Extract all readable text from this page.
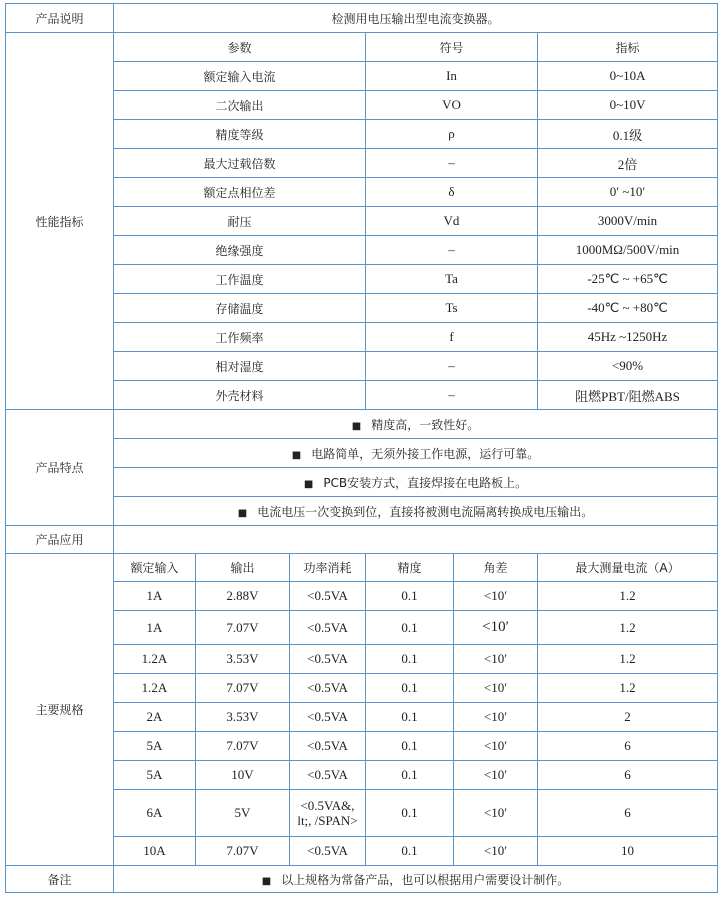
产品说明	检测用电压输出型电流变换器。					
性能指标	参数			符号		指标
	额定输入电流			In		0~10A
	二次输出			VO		0~10V
	精度等级			ρ		0.1级
	最大过载倍数			–		2倍
	额定点相位差			δ		0′ ~10′
	耐压			Vd		3000V/min
	绝缘强度			–		1000MΩ/500V/min
	工作温度			Ta		-25℃ ~ +65℃
	存储温度			Ts		-40℃ ~ +80℃
	工作频率			f		45Hz ~1250Hz
	相对湿度			–		<90%
	外壳材料			–		阻燃PBT/阻燃ABS
产品特点	■ 精度高，一致性好。					
	■ 电路简单，无须外接工作电源，运行可靠。					
	■ PCB安装方式，直接焊接在电路板上。					
	■ 电流电压一次变换到位，直接将被测电流隔离转换成电压输出。					
产品应用						
主要规格	额定输入	输出	功率消耗	精度	角差	最大测量电流（A）
	1A	2.88V	<0.5VA	0.1	<10′	1.2
	1A	7.07V	<0.5VA	0.1	<10′	1.2
	1.2A	3.53V	<0.5VA	0.1	<10′	1.2
	1.2A	7.07V	<0.5VA	0.1	<10′	1.2
	2A	3.53V	<0.5VA	0.1	<10′	2
	5A	7.07V	<0.5VA	0.1	<10′	6
	5A	10V	<0.5VA	0.1	<10′	6
	6A	5V	<0.5VA&, lt;, /SPAN>	0.1	<10′	6
	10A	7.07V	<0.5VA	0.1	<10′	10
备注	■ 以上规格为常备产品，也可以根据用户需要设计制作。					
